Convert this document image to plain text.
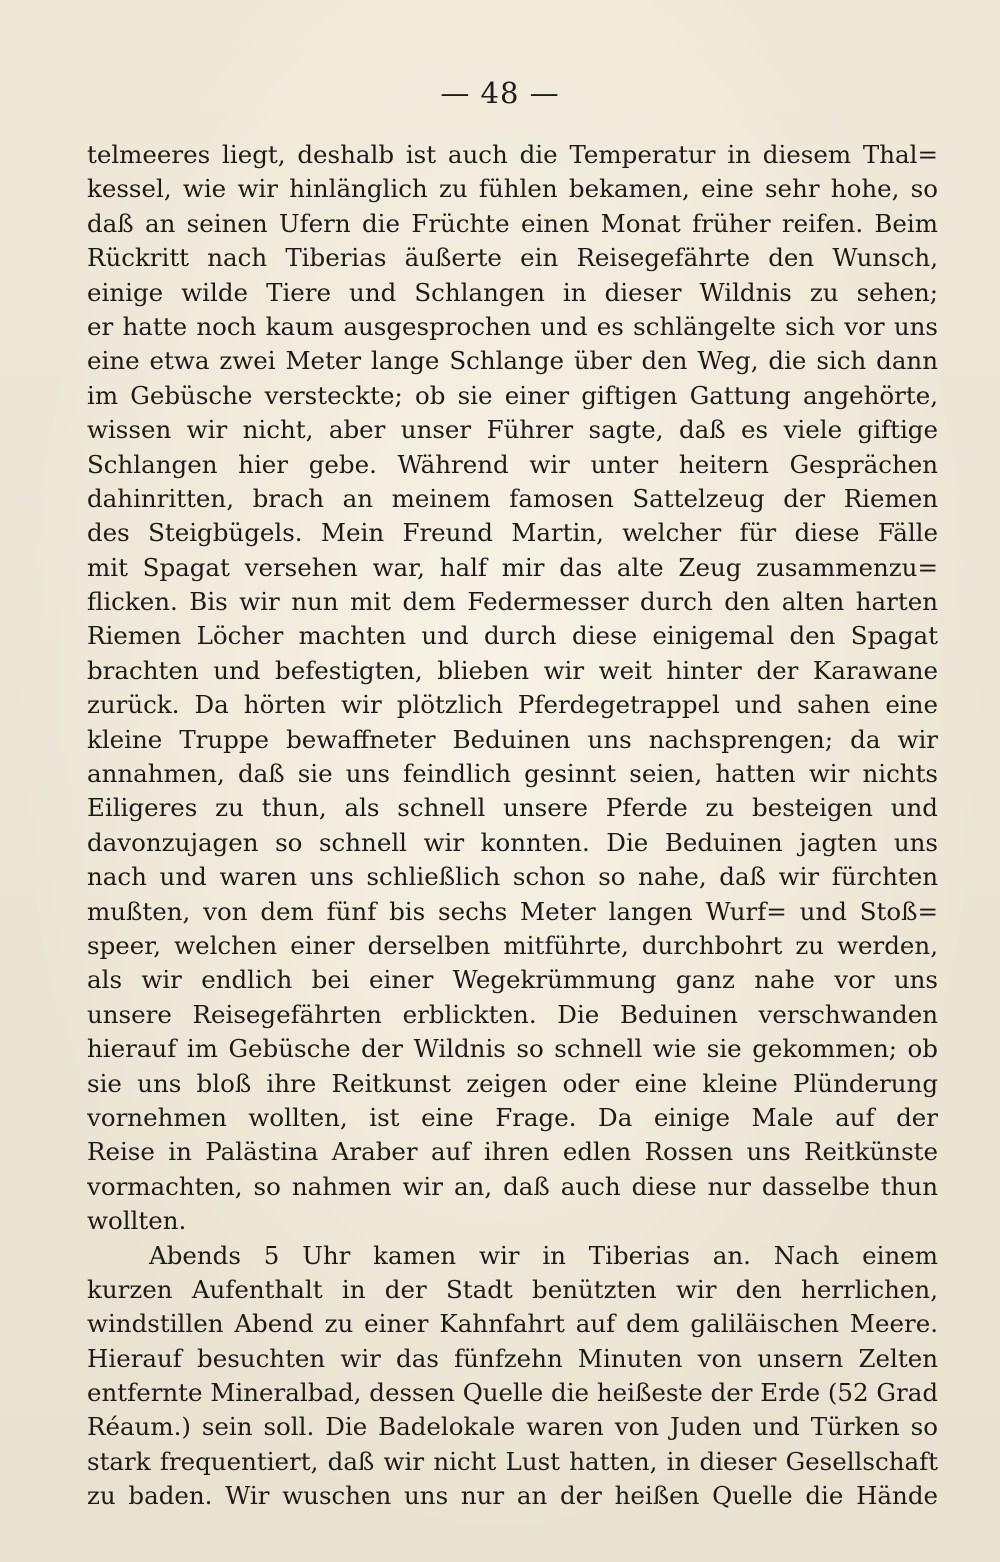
— 48 —
telmeeres liegt, deshalb ist auch die Temperatur in diesem Thal=
kessel, wie wir hinlänglich zu fühlen bekamen, eine sehr hohe, so
daß an seinen Ufern die Früchte einen Monat früher reifen. Beim
Rückritt nach Tiberias äußerte ein Reisegefährte den Wunsch,
einige wilde Tiere und Schlangen in dieser Wildnis zu sehen;
er hatte noch kaum ausgesprochen und es schlängelte sich vor uns
eine etwa zwei Meter lange Schlange über den Weg, die sich dann
im Gebüsche versteckte; ob sie einer giftigen Gattung angehörte,
wissen wir nicht, aber unser Führer sagte, daß es viele giftige
Schlangen hier gebe. Während wir unter heitern Gesprächen
dahinritten, brach an meinem famosen Sattelzeug der Riemen
des Steigbügels. Mein Freund Martin, welcher für diese Fälle
mit Spagat versehen war, half mir das alte Zeug zusammenzu=
flicken. Bis wir nun mit dem Federmesser durch den alten harten
Riemen Löcher machten und durch diese einigemal den Spagat
brachten und befestigten, blieben wir weit hinter der Karawane
zurück. Da hörten wir plötzlich Pferdegetrappel und sahen eine
kleine Truppe bewaffneter Beduinen uns nachsprengen; da wir
annahmen, daß sie uns feindlich gesinnt seien, hatten wir nichts
Eiligeres zu thun, als schnell unsere Pferde zu besteigen und
davonzujagen so schnell wir konnten. Die Beduinen jagten uns
nach und waren uns schließlich schon so nahe, daß wir fürchten
mußten, von dem fünf bis sechs Meter langen Wurf= und Stoß=
speer, welchen einer derselben mitführte, durchbohrt zu werden,
als wir endlich bei einer Wegekrümmung ganz nahe vor uns
unsere Reisegefährten erblickten. Die Beduinen verschwanden
hierauf im Gebüsche der Wildnis so schnell wie sie gekommen; ob
sie uns bloß ihre Reitkunst zeigen oder eine kleine Plünderung
vornehmen wollten, ist eine Frage. Da einige Male auf der
Reise in Palästina Araber auf ihren edlen Rossen uns Reitkünste
vormachten, so nahmen wir an, daß auch diese nur dasselbe thun
wollten.
Abends 5 Uhr kamen wir in Tiberias an. Nach einem
kurzen Aufenthalt in der Stadt benützten wir den herrlichen,
windstillen Abend zu einer Kahnfahrt auf dem galiläischen Meere.
Hierauf besuchten wir das fünfzehn Minuten von unsern Zelten
entfernte Mineralbad, dessen Quelle die heißeste der Erde (52 Grad
Réaum.) sein soll. Die Badelokale waren von Juden und Türken so
stark frequentiert, daß wir nicht Lust hatten, in dieser Gesellschaft
zu baden. Wir wuschen uns nur an der heißen Quelle die Hände
